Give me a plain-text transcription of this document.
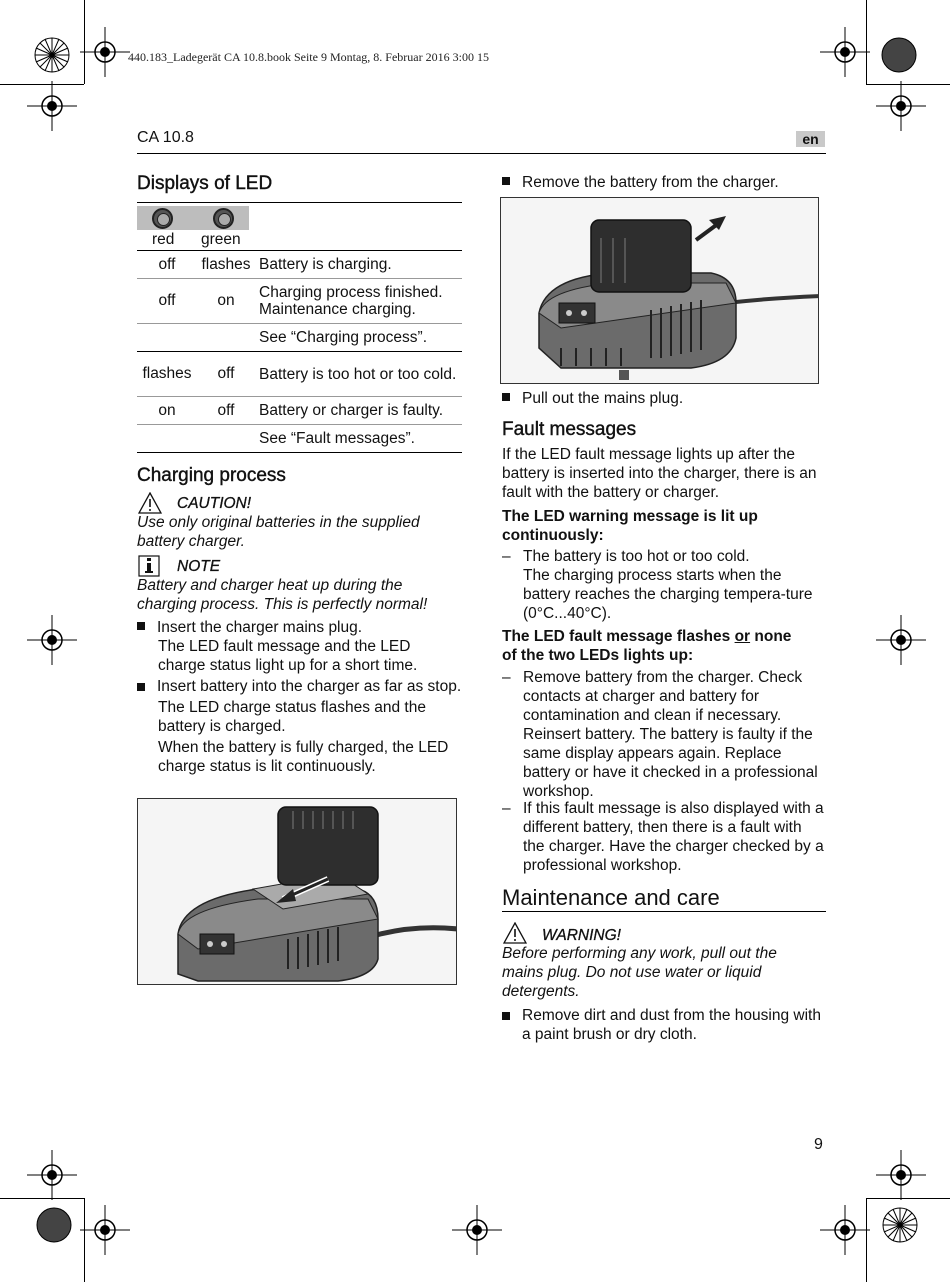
440.183_Ladegerät CA 10.8.book Seite 9 Montag, 8. Februar 2016 3:00 15
CA 10.8	en
Displays of LED
red green
off	flashes Battery is charging.
off	on	Charging process finished. Maintenance charging.
See “Charging process”.
flashes	off	Battery is too hot or too cold.
on	off	Battery or charger is faulty.
See “Fault messages”.
Charging process
CAUTION!
Use only original batteries in the supplied battery charger.
NOTE
Battery and charger heat up during the charging process. This is perfectly normal!
Insert the charger mains plug.
The LED fault message and the LED charge status light up for a short time.
Insert battery into the charger as far as stop.
The LED charge status flashes and the battery is charged.
When the battery is fully charged, the LED charge status is lit continuously.
Remove the battery from the charger.
Pull out the mains plug.
Fault messages
If the LED fault message lights up after the battery is inserted into the charger, there is an fault with the battery or charger.
The LED warning message is lit up
continuously:
– The battery is too hot or too cold.
The charging process starts when the battery reaches the charging tempera-ture (0°C...40°C).
The LED fault message flashes or none
of the two LEDs lights up:
– Remove battery from the charger. Check contacts at charger and battery for contamination and clean if necessary. Reinsert battery. The battery is faulty if the same display appears again. Replace battery or have it checked in a professional workshop.
– If this fault message is also displayed with a different battery, then there is a fault with the charger. Have the charger checked by a professional workshop.
Maintenance and care
WARNING!
Before performing any work, pull out the mains plug. Do not use water or liquid detergents.
Remove dirt and dust from the housing with a paint brush or dry cloth.
9
